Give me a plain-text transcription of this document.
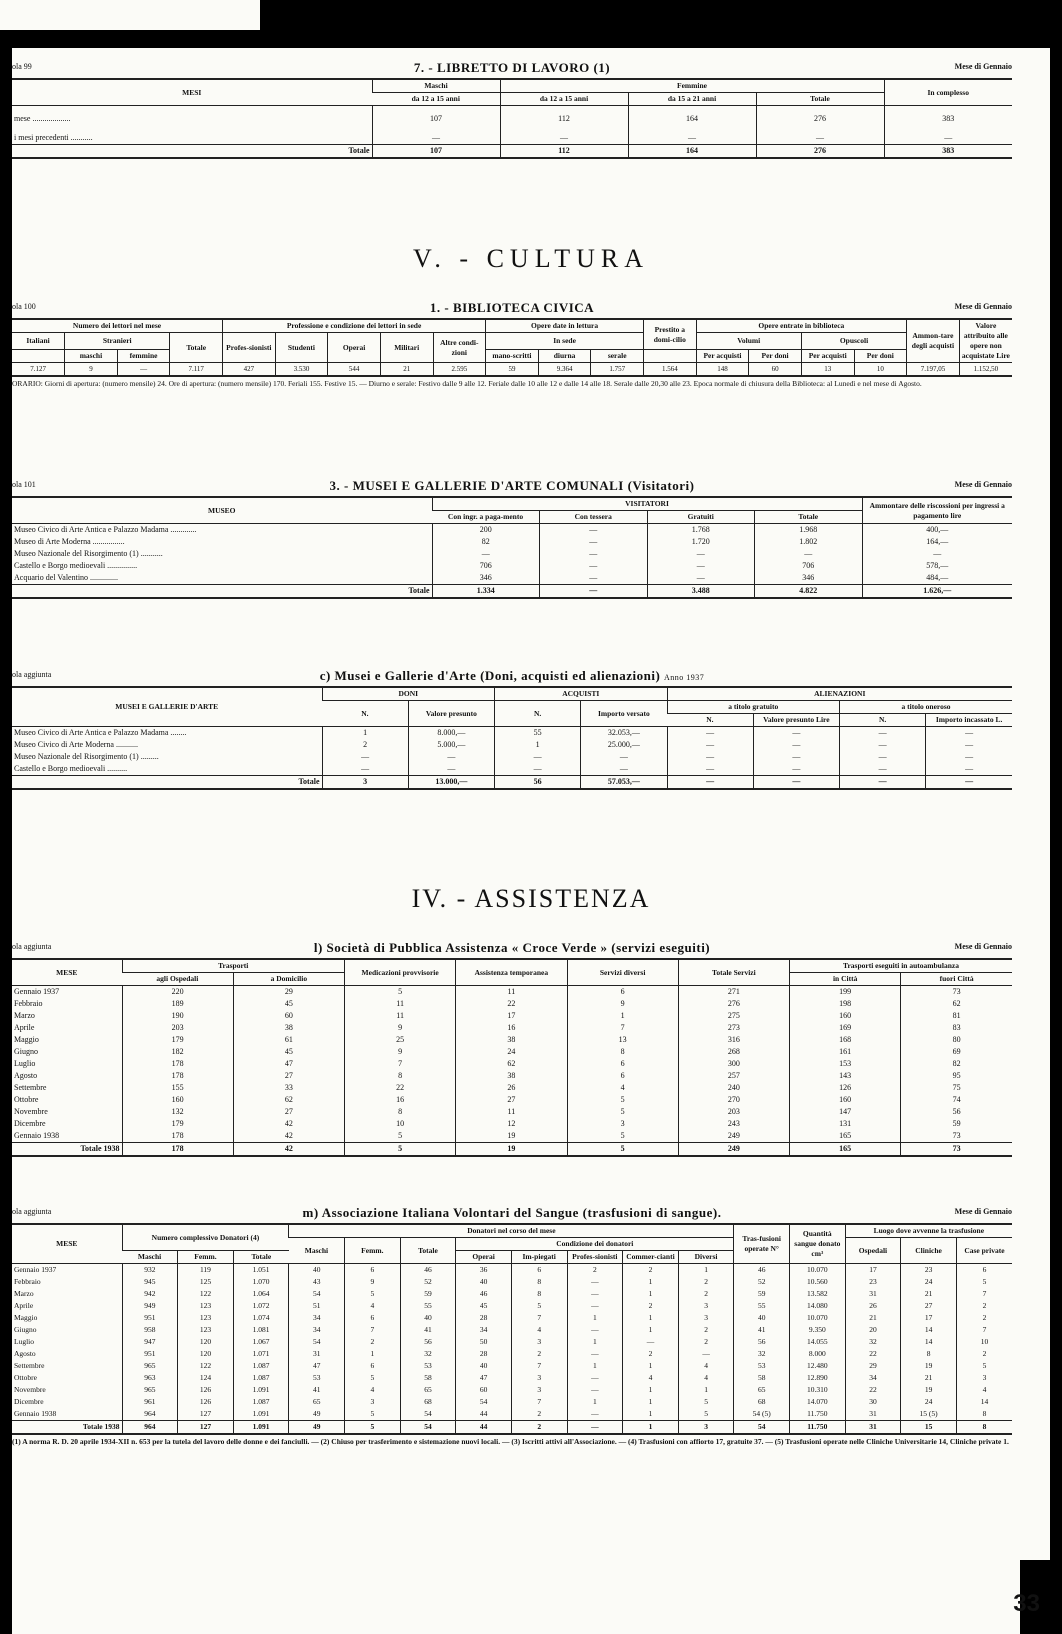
ola 99	7. - LIBRETTO DI LAVORO (1)	Mese di Gennaio
MESI	Maschi	Femmine			In complesso
	da 12 a 15 anni	da 12 a 15 anni	da 15 a 21 anni	Totale	
mese ...................	107	112	164	276	383
i mesi precedenti ...........	—	—	—	—	—
Totale	107	112	164	276	383
V. - CULTURA
ola 100	1. - BIBLIOTECA CIVICA	Mese di Gennaio
Numero dei lettori nel mese				Professione e condizione dei lettori in sede					Opere date in lettura			Prestito a domi-cilio	Opere entrate in biblioteca				Ammon-tare degli acquisti	Valore attribuito alle opere non acquistate Lire
Italiani	Stranieri		Totale	Profes-sionisti	Studenti	Operai	Militari	Altre condi-zioni	In sede				Volumi		Opuscoli			
	maschi	femmine							mano-scritti	diurna	serale		Per acquisti	Per doni	Per acquisti	Per doni		
7.127	9	—	7.117	427	3.530	544	21	2.595	59	9.364	1.757	1.564	148	60	13	10	7.197,05	1.152,50
ORARIO: Giorni di apertura: (numero mensile) 24. Ore di apertura: (numero mensile) 170. Feriali 155. Festive 15. — Diurno e serale: Festivo dalle 9 alle 12. Feriale dalle 10 alle 12 e dalle 14 alle 18. Serale dalle 20,30 alle 23. Epoca normale di chiusura della Biblioteca: al Lunedì e nel mese di Agosto.
ola 101	3. - MUSEI E GALLERIE D'ARTE COMUNALI (Visitatori)	Mese di Gennaio
MUSEO	VISITATORI				Ammontare delle riscossioni per ingressi a pagamento lire
	Con ingr. a paga-mento	Con tessera	Gratuiti	Totale	
Museo Civico di Arte Antica e Palazzo Madama .............	200	—	1.768	1.968	400,—
Museo di Arte Moderna ................	82	—	1.720	1.802	164,—
Museo Nazionale del Risorgimento (1) ...........	—	—	—	—	—
Castello e Borgo medioevali ...............	706	—	—	706	578,—
Acquario del Valentino ..............	346	—	—	346	484,—
Totale	1.334	—	3.488	4.822	1.626,—
ola aggiunta	c) Musei e Gallerie d'Arte (Doni, acquisti ed alienazioni) Anno 1937
MUSEI E GALLERIE D'ARTE	DONI		ACQUISTI		ALIENAZIONI			
	N.	Valore presunto	N.	Importo versato	a titolo gratuito		a titolo oneroso	
					N.	Valore presunto Lire	N.	Importo incassato L.
Museo Civico di Arte Antica e Palazzo Madama ........	1	8.000,—	55	32.053,—	—	—	—	—
Museo Civico di Arte Moderna ...........	2	5.000,—	1	25.000,—	—	—	—	—
Museo Nazionale del Risorgimento (1) .........	—	—	—	—	—	—	—	—
Castello e Borgo medioevali ..........	—	—	—	—	—	—	—	—
Totale	3	13.000,—	56	57.053,—	—	—	—	—
IV. - ASSISTENZA
ola aggiunta	l) Società di Pubblica Assistenza « Croce Verde » (servizi eseguiti)	Mese di Gennaio
MESE	Trasporti		Medicazioni provvisorie	Assistenza temporanea	Servizi diversi	Totale Servizi	Trasporti eseguiti in autoambulanza	
	agli Ospedali	a Domicilio					in Città	fuori Città
Gennaio 1937	220	29	5	11	6	271	199	73
Febbraio	189	45	11	22	9	276	198	62
Marzo	190	60	11	17	1	275	160	81
Aprile	203	38	9	16	7	273	169	83
Maggio	179	61	25	38	13	316	168	80
Giugno	182	45	9	24	8	268	161	69
Luglio	178	47	7	62	6	300	153	82
Agosto	178	27	8	38	6	257	143	95
Settembre	155	33	22	26	4	240	126	75
Ottobre	160	62	16	27	5	270	160	74
Novembre	132	27	8	11	5	203	147	56
Dicembre	179	42	10	12	3	243	131	59
Gennaio 1938	178	42	5	19	5	249	165	73
Totale 1938	178	42	5	19	5	249	165	73
ola aggiunta	m) Associazione Italiana Volontari del Sangue (trasfusioni di sangue).	Mese di Gennaio
MESE	Numero complessivo Donatori (4)			Donatori nel corso del mese								Tras-fusioni operate N°	Quantità sangue donato cm³	Luogo dove avvenne la trasfusione		
				Maschi	Femm.	Totale	Condizione dei donatori							Ospedali	Cliniche	Case private
	Maschi	Femm.	Totale				Operai	Im-piegati	Profes-sionisti	Commer-cianti	Diversi					
Gennaio 1937	932	119	1.051	40	6	46	36	6	2	2	1	46	10.070	17	23	6
Febbraio	945	125	1.070	43	9	52	40	8	—	1	2	52	10.560	23	24	5
Marzo	942	122	1.064	54	5	59	46	8	—	1	2	59	13.582	31	21	7
Aprile	949	123	1.072	51	4	55	45	5	—	2	3	55	14.080	26	27	2
Maggio	951	123	1.074	34	6	40	28	7	1	1	3	40	10.070	21	17	2
Giugno	958	123	1.081	34	7	41	34	4	—	1	2	41	9.350	20	14	7
Luglio	947	120	1.067	54	2	56	50	3	1	—	2	56	14.055	32	14	10
Agosto	951	120	1.071	31	1	32	28	2	—	2	—	32	8.000	22	8	2
Settembre	965	122	1.087	47	6	53	40	7	1	1	4	53	12.480	29	19	5
Ottobre	963	124	1.087	53	5	58	47	3	—	4	4	58	12.890	34	21	3
Novembre	965	126	1.091	41	4	65	60	3	—	1	1	65	10.310	22	19	4
Dicembre	961	126	1.087	65	3	68	54	7	1	1	5	68	14.070	30	24	14
Gennaio 1938	964	127	1.091	49	5	54	44	2	—	1	5	54 (5)	11.750	31	15 (5)	8
Totale 1938	964	127	1.091	49	5	54	44	2	—	1	3	54	11.750	31	15	8
(1) A norma R. D. 20 aprile 1934-XII n. 653 per la tutela del lavoro delle donne e dei fanciulli. — (2) Chiuso per trasferimento e sistemazione nuovi locali. — (3) Iscritti attivi all'Associazione. — (4) Trasfusioni con affiorto 17, gratuite 37. — (5) Trasfusioni operate nelle Cliniche Universitarie 14, Cliniche private 1.
33
